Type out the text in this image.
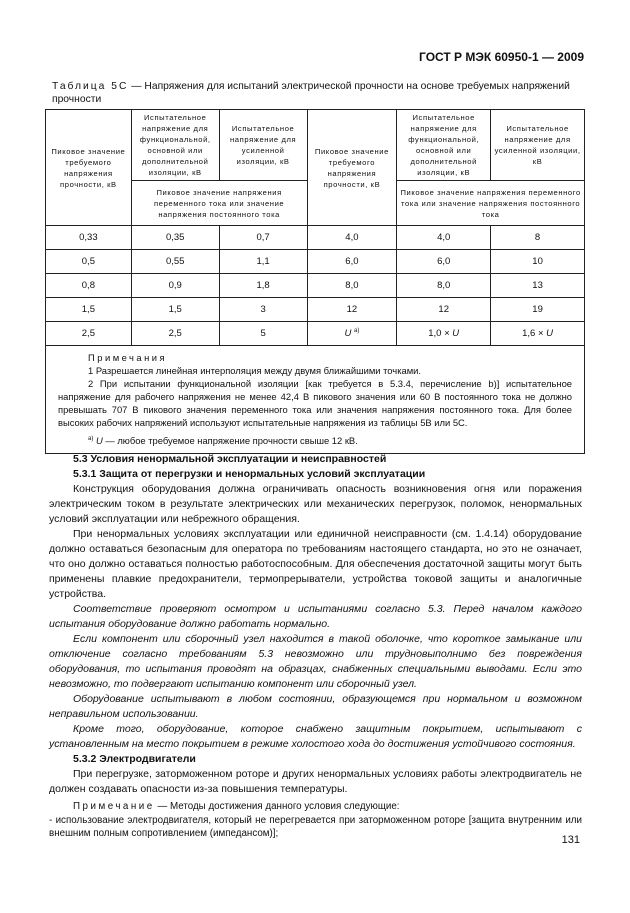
ГОСТ Р МЭК 60950-1 — 2009
Таблица 5С — Напряжения для испытаний электрической прочности на основе требуемых напряжений прочности
Пиковое значение требуемого напряжения прочности, кВ	Испытательное напряжение для функциональной, основной или дополнительной изоляции, кВ	Испытательное напряжение для усиленной изоляции, кВ	Пиковое значение требуемого напряжения прочности, кВ	Испытательное напряжение для функциональной, основной или дополнительной изоляции, кВ	Испытательное напряжение для усиленной изоляции, кВ
	Пиковое значение напряжения переменного тока или значение напряжения постоянного тока			Пиковое значение напряжения переменного тока или значение напряжения постоянного тока	
0,33	0,35	0,7	4,0	4,0	8
0,5	0,55	1,1	6,0	6,0	10
0,8	0,9	1,8	8,0	8,0	13
1,5	1,5	3	12	12	19
2,5	2,5	5	U $^{а)}$	1,0 × U	1,6 × U

Примечания
1 Разрешается линейная интерполяция между двумя ближайшими точками.
2 При испытании функциональной изоляции [как требуется в 5.3.4, перечисление b)] испытательное напряжение для рабочего напряжения не менее 42,4 В пикового значения или 60 В постоянного тока не должно превышать 707 В пикового значения переменного тока или значения напряжения постоянного тока. Для более высоких рабочих напряжений используют испытательные напряжения из таблицы 5В или 5С.
$^{а)}$ U — любое требуемое напряжение прочности свыше 12 кВ.					

5.3 Условия ненормальной эксплуатации и неисправностей

5.3.1 Защита от перегрузки и ненормальных условий эксплуатации

Конструкция оборудования должна ограничивать опасность возникновения огня или поражения электрическим током в результате электрических или механических перегрузок, поломок, ненормальных условий эксплуатации или небрежного обращения.

При ненормальных условиях эксплуатации или единичной неисправности (см. 1.4.14) оборудование должно оставаться безопасным для оператора по требованиям настоящего стандарта, но это не означает, что оно должно оставаться полностью работоспособным. Для обеспечения достаточной защиты могут быть применены плавкие предохранители, термопрерыватели, устройства токовой защиты и аналогичные устройства.

Соответствие проверяют осмотром и испытаниями согласно 5.3. Перед началом каждого испытания оборудование должно работать нормально.

Если компонент или сборочный узел находится в такой оболочке, что короткое замыкание или отключение согласно требованиям 5.3 невозможно или трудновыполнимо без повреждения оборудования, то испытания проводят на образцах, снабженных специальными выводами. Если это невозможно, то подвергают испытанию компонент или сборочный узел.

Оборудование испытывают в любом состоянии, образующемся при нормальном и возможном неправильном использовании.

Кроме того, оборудование, которое снабжено защитным покрытием, испытывают с установленным на место покрытием в режиме холостого хода до достижения устойчивого состояния.

5.3.2 Электродвигатели

При перегрузке, заторможенном роторе и других ненормальных условиях работы электродвигатель не должен создавать опасности из-за повышения температуры.

Примечание — Методы достижения данного условия следующие:

- использование электродвигателя, который не перегревается при заторможенном роторе [защита внутренним или внешним полным сопротивлением (импедансом)];

131
